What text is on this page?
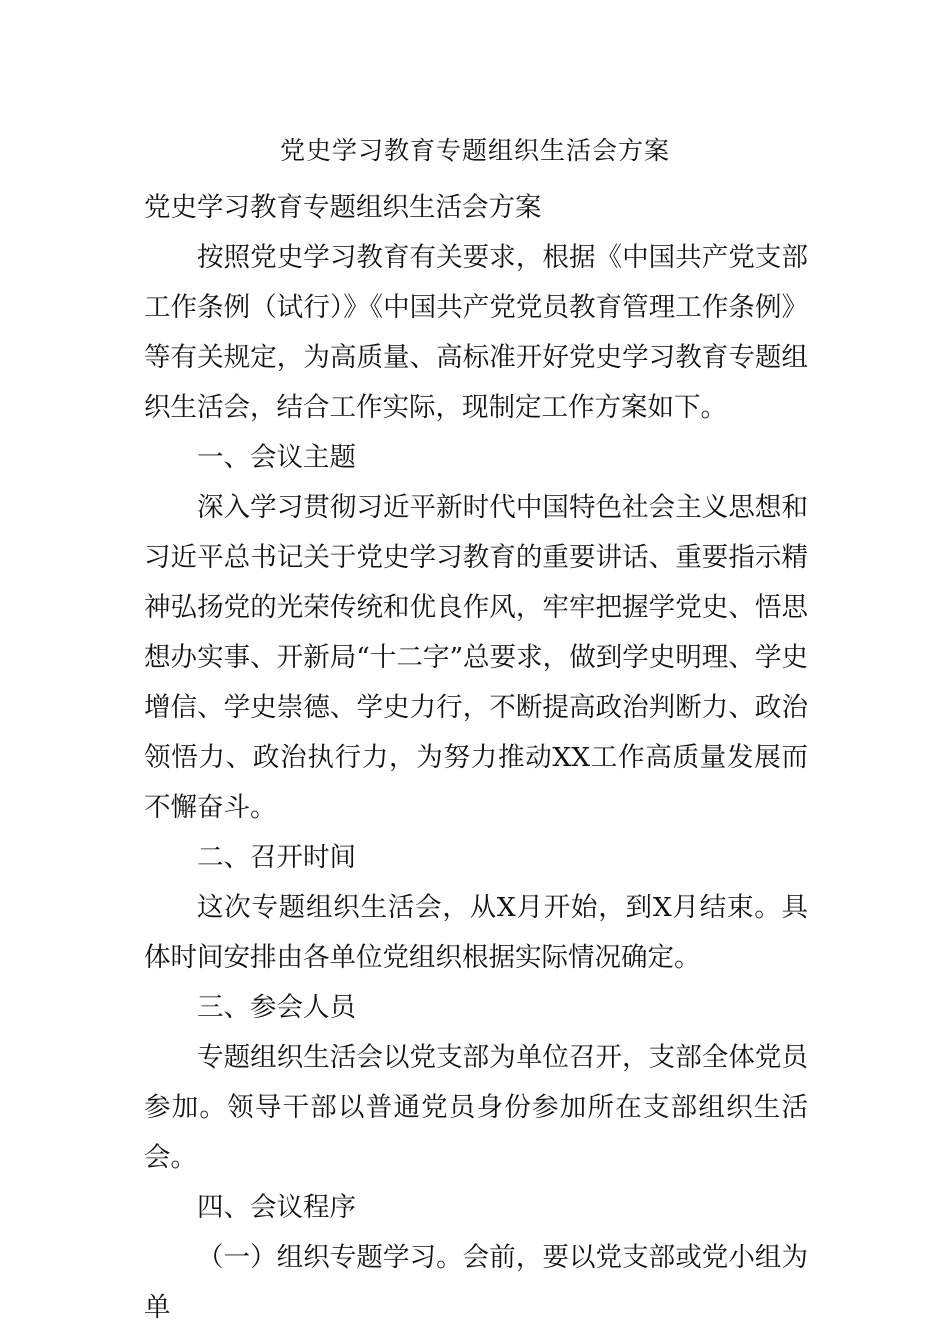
党史学习教育专题组织生活会方案

党史学习教育专题组织生活会方案

按照党史学习教育有关要求，根据《中国共产党支部工作条例（试行）》《中国共产党党员教育管理工作条例》等有关规定，为高质量、高标准开好党史学习教育专题组织生活会，结合工作实际，现制定工作方案如下。

一、会议主题

深入学习贯彻习近平新时代中国特色社会主义思想和习近平总书记关于党史学习教育的重要讲话、重要指示精神弘扬党的光荣传统和优良作风，牢牢把握学党史、悟思想办实事、开新局“十二字”总要求，做到学史明理、学史增信、学史崇德、学史力行，不断提高政治判断力、政治领悟力、政治执行力，为努力推动XX工作高质量发展而不懈奋斗。

二、召开时间

这次专题组织生活会，从X月开始，到X月结束。具体时间安排由各单位党组织根据实际情况确定。

三、参会人员

专题组织生活会以党支部为单位召开，支部全体党员参加。领导干部以普通党员身份参加所在支部组织生活会。

四、会议程序

（一）组织专题学习。会前，要以党支部或党小组为单
